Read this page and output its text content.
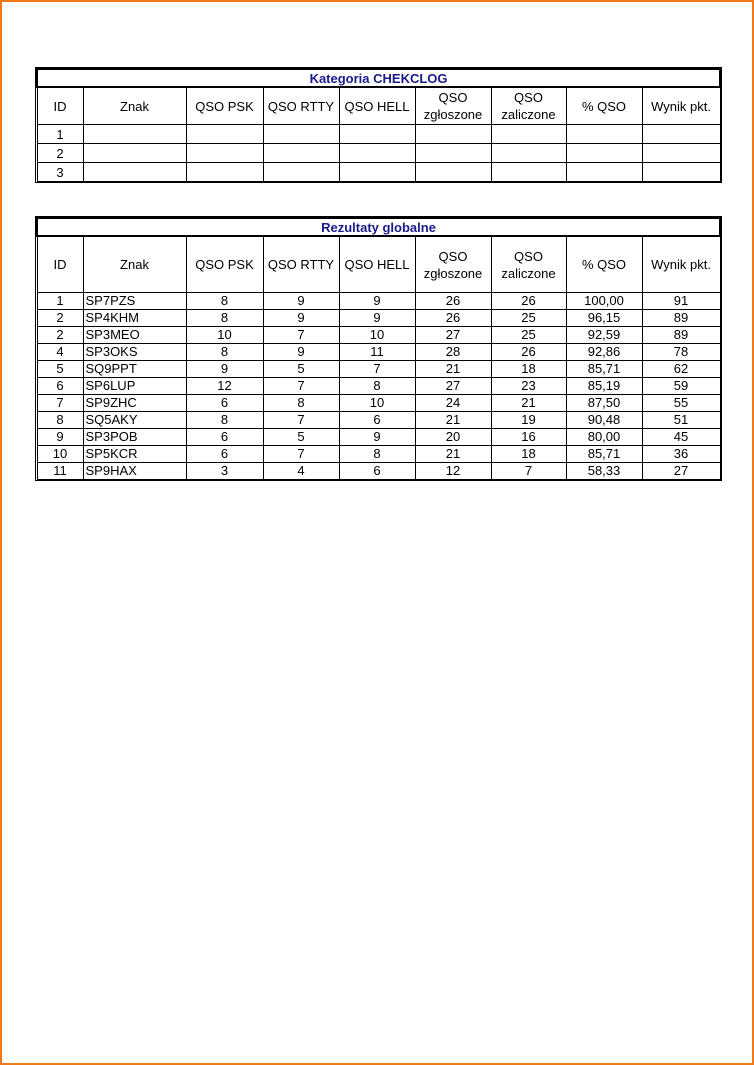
Kategoria CHEKCLOG								
ID	Znak	QSO PSK	QSO RTTY	QSO HELL	QSO zgłoszone	QSO zaliczone	% QSO	Wynik pkt.
1								
2								
3								
Rezultaty globalne								
ID	Znak	QSO PSK	QSO RTTY	QSO HELL	QSO zgłoszone	QSO zaliczone	% QSO	Wynik pkt.
1	SP7PZS	8	9	9	26	26	100,00	91
2	SP4KHM	8	9	9	26	25	96,15	89
2	SP3MEO	10	7	10	27	25	92,59	89
4	SP3OKS	8	9	11	28	26	92,86	78
5	SQ9PPT	9	5	7	21	18	85,71	62
6	SP6LUP	12	7	8	27	23	85,19	59
7	SP9ZHC	6	8	10	24	21	87,50	55
8	SQ5AKY	8	7	6	21	19	90,48	51
9	SP3POB	6	5	9	20	16	80,00	45
10	SP5KCR	6	7	8	21	18	85,71	36
11	SP9HAX	3	4	6	12	7	58,33	27
